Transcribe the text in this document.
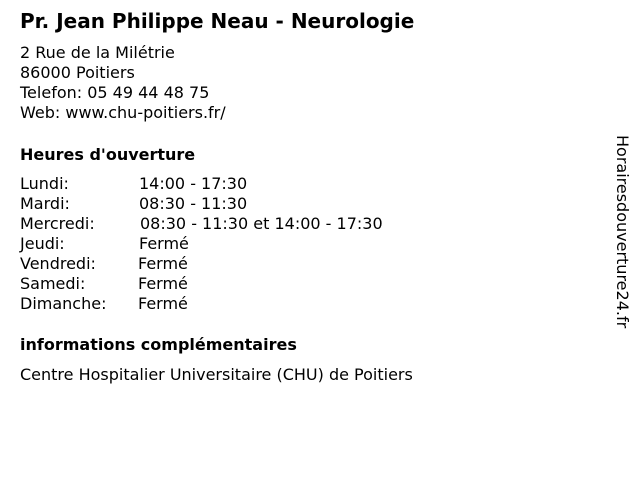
Pr. Jean Philippe Neau - Neurologie
2 Rue de la Milétrie
86000 Poitiers
Telefon: 05 49 44 48 75
Web: www.chu-poitiers.fr/
Heures d'ouverture
Lundi:	14:00 - 17:30
Mardi:	08:30 - 11:30
Mercredi:	08:30 - 11:30 et 14:00 - 17:30
Jeudi:	Fermé
Vendredi:	Fermé
Samedi:	Fermé
Dimanche: Fermé
informations complémentaires
Centre Hospitalier Universitaire (CHU) de Poitiers
Horairesdouverture24.fr
